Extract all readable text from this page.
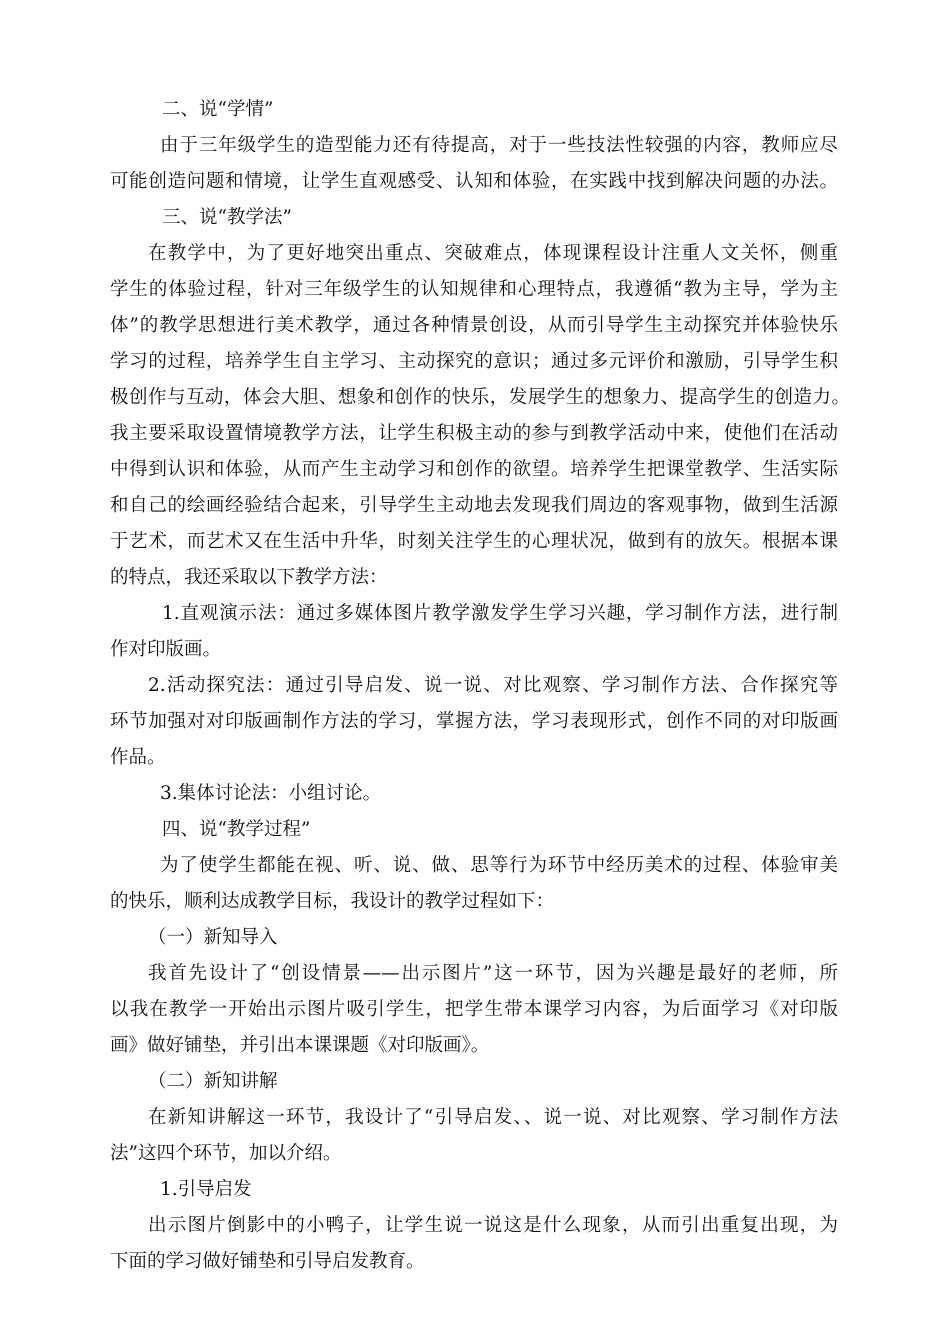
二、说“学情”

由于三年级学生的造型能力还有待提高，对于一些技法性较强的内容，教师应尽

可能创造问题和情境，让学生直观感受、认知和体验，在实践中找到解决问题的办法。

三、说“教学法”

在教学中，为了更好地突出重点、突破难点，体现课程设计注重人文关怀，侧重

学生的体验过程，针对三年级学生的认知规律和心理特点，我遵循“教为主导，学为主

体”的教学思想进行美术教学，通过各种情景创设，从而引导学生主动探究并体验快乐

学习的过程，培养学生自主学习、主动探究的意识；通过多元评价和激励，引导学生积

极创作与互动，体会大胆、想象和创作的快乐，发展学生的想象力、提高学生的创造力。

我主要采取设置情境教学方法，让学生积极主动的参与到教学活动中来，使他们在活动

中得到认识和体验，从而产生主动学习和创作的欲望。培养学生把课堂教学、生活实际

和自己的绘画经验结合起来，引导学生主动地去发现我们周边的客观事物，做到生活源

于艺术，而艺术又在生活中升华，时刻关注学生的心理状况，做到有的放矢。根据本课

的特点，我还采取以下教学方法：

1.直观演示法：通过多媒体图片教学激发学生学习兴趣，学习制作方法，进行制

作对印版画。

2.活动探究法：通过引导启发、说一说、对比观察、学习制作方法、合作探究等

环节加强对对印版画制作方法的学习，掌握方法，学习表现形式，创作不同的对印版画

作品。

3.集体讨论法：小组讨论。

四、说“教学过程”

为了使学生都能在视、听、说、做、思等行为环节中经历美术的过程、体验审美

的快乐，顺利达成教学目标，我设计的教学过程如下：

（一）新知导入

我首先设计了“创设情景——出示图片”这一环节，因为兴趣是最好的老师，所

以我在教学一开始出示图片吸引学生，把学生带本课学习内容，为后面学习《对印版

画》做好铺垫，并引出本课课题《对印版画》。

（二）新知讲解

在新知讲解这一环节，我设计了“引导启发、、说一说、对比观察、学习制作方法

法”这四个环节，加以介绍。

1.引导启发

出示图片倒影中的小鸭子，让学生说一说这是什么现象，从而引出重复出现，为

下面的学习做好铺垫和引导启发教育。
